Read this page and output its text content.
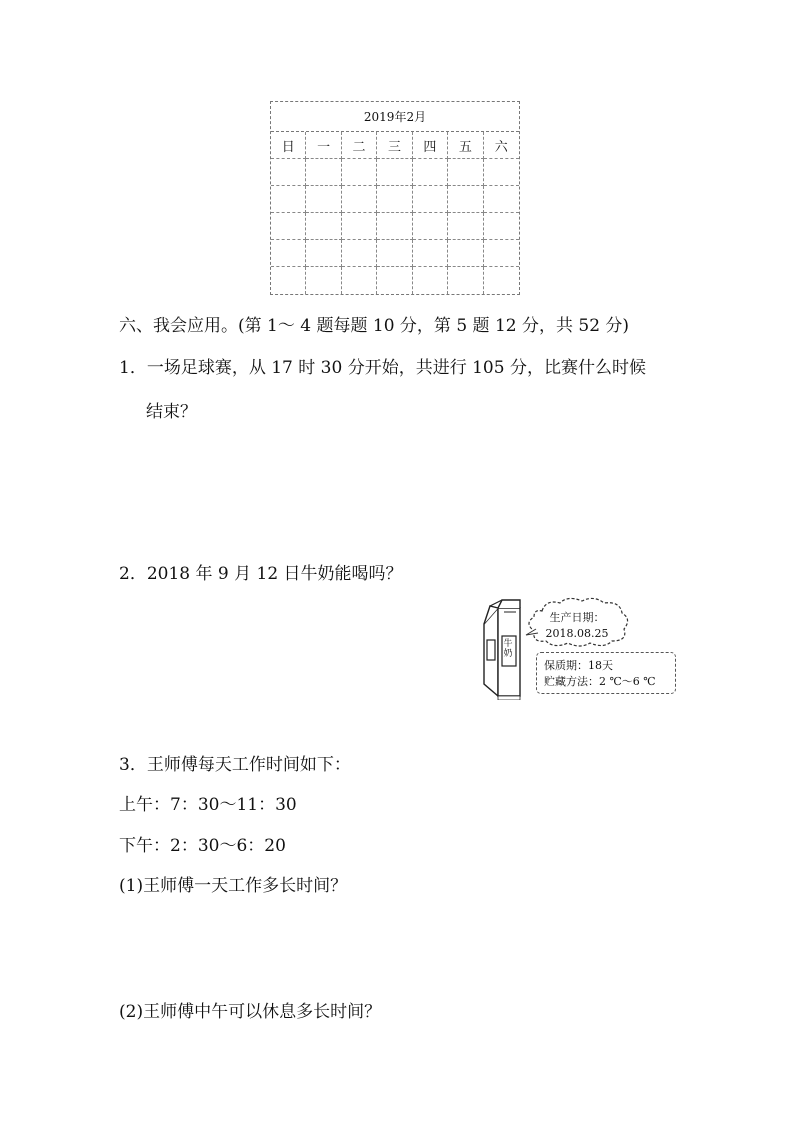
2019年2月
日	一	二	三	四	五	六
六、我会应用。(第 1～ 4 题每题 10 分，第 5 题 12 分，共 52 分)
1．一场足球赛，从 17 时 30 分开始，共进行 105 分，比赛什么时候
结束？
2．2018 年 9 月 12 日牛奶能喝吗？
牛奶
生产日期：
2018.08.25
保质期：18天
贮藏方法：2 ℃～6 ℃
3．王师傅每天工作时间如下：
上午：7：30～11：30
下午：2：30～6：20
(1)王师傅一天工作多长时间？
(2)王师傅中午可以休息多长时间？
